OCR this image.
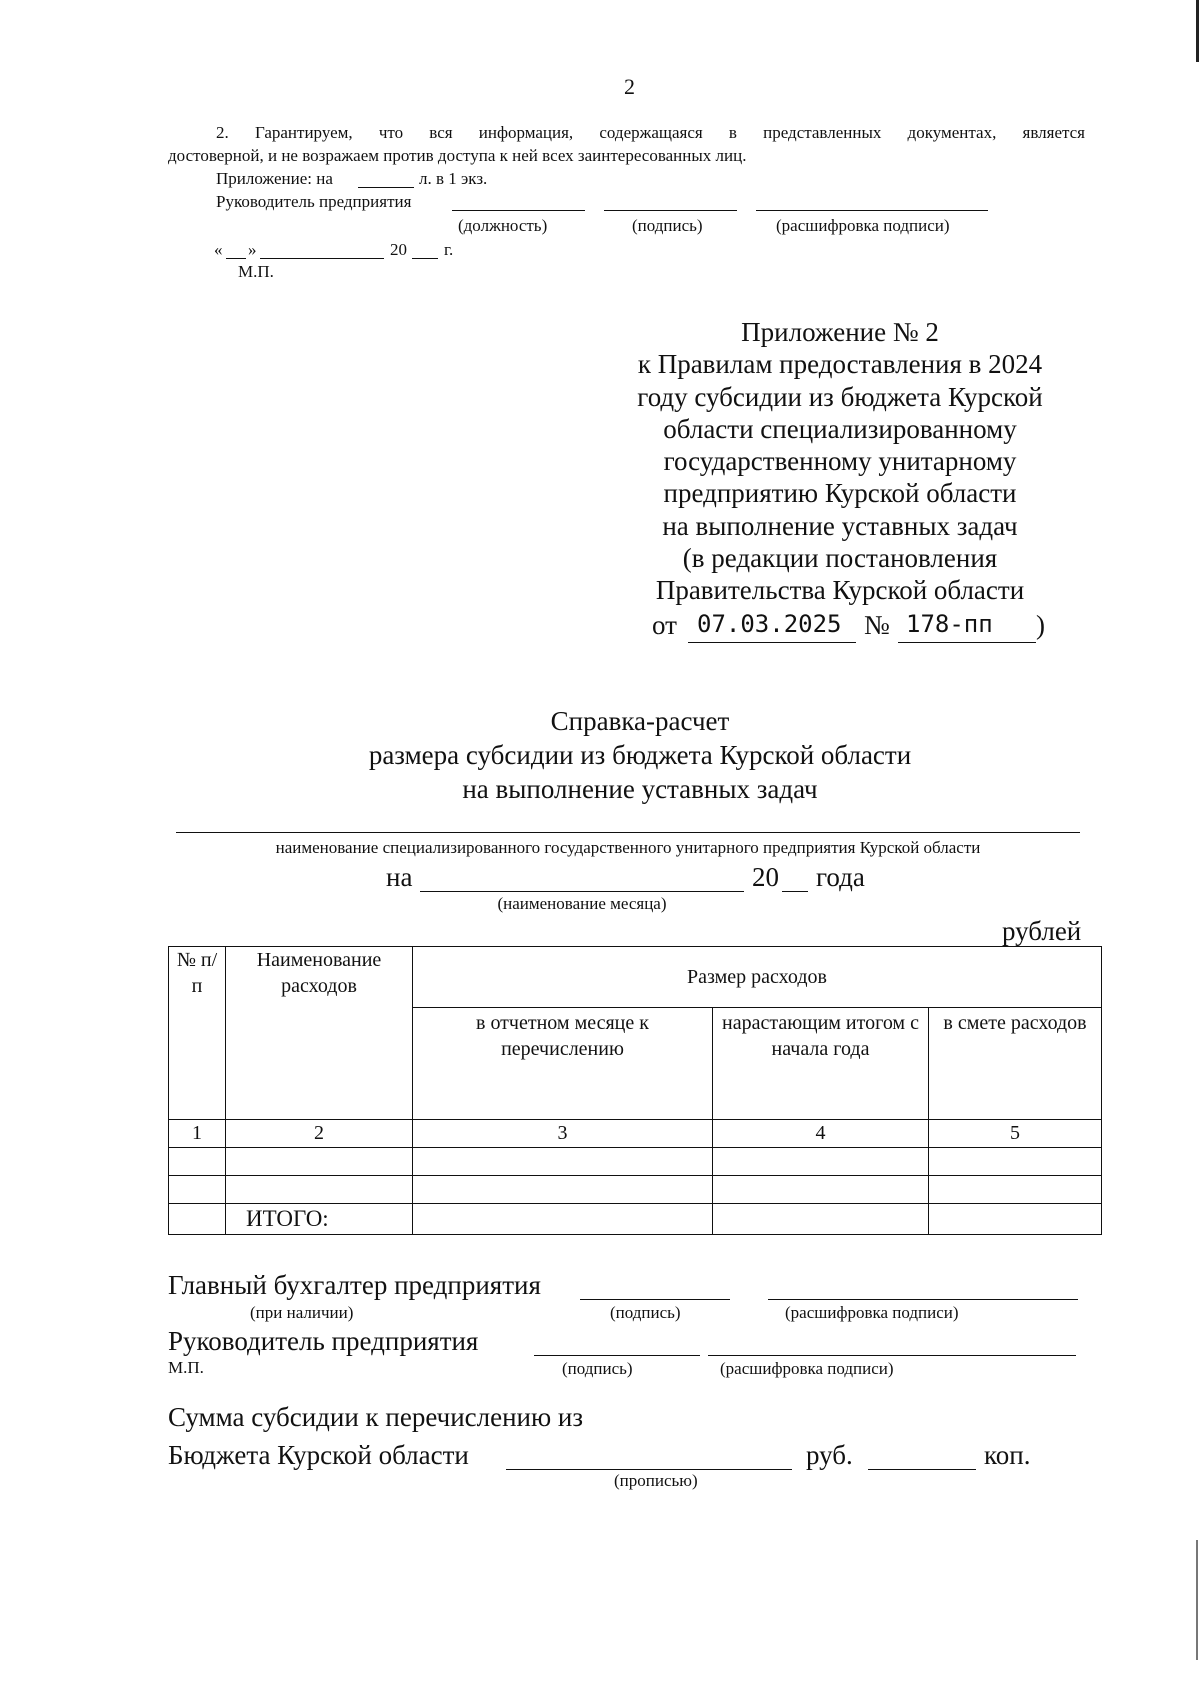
2
2. Гарантируем, что вся информация, содержащаяся в представленных документах, является
достоверной, и не возражаем против доступа к ней всех заинтересованных лиц.
Приложение: на	л. в 1 экз.
Руководитель предприятия
(должность)	(подпись)	(расшифровка подписи)
« »	20 г.
М.П.
Приложение № 2
к Правилам предоставления в 2024
году субсидии из бюджета Курской
области специализированному
государственному унитарному
предприятию Курской области
на выполнение уставных задач
(в редакции постановления
Правительства Курской области
от 07.03.2025 № 178-пп )
Справка-расчет
размера субсидии из бюджета Курской области
на выполнение уставных задач
наименование специализированного государственного унитарного предприятия Курской области
на	20 года
(наименование месяца)
рублей
№ п/п	Наименование расходов	Размер расходов		
		в отчетном месяце к перечислению	нарастающим итогом с начала года	в смете расходов
1	2	3	4	5

	ИТОГО:			
Главный бухгалтер предприятия
(при наличии)	(подпись)	(расшифровка подписи)
Руководитель предприятия
М.П.	(подпись)	(расшифровка подписи)
Сумма субсидии к перечислению из
Бюджета Курской области	руб.	коп.
(прописью)
